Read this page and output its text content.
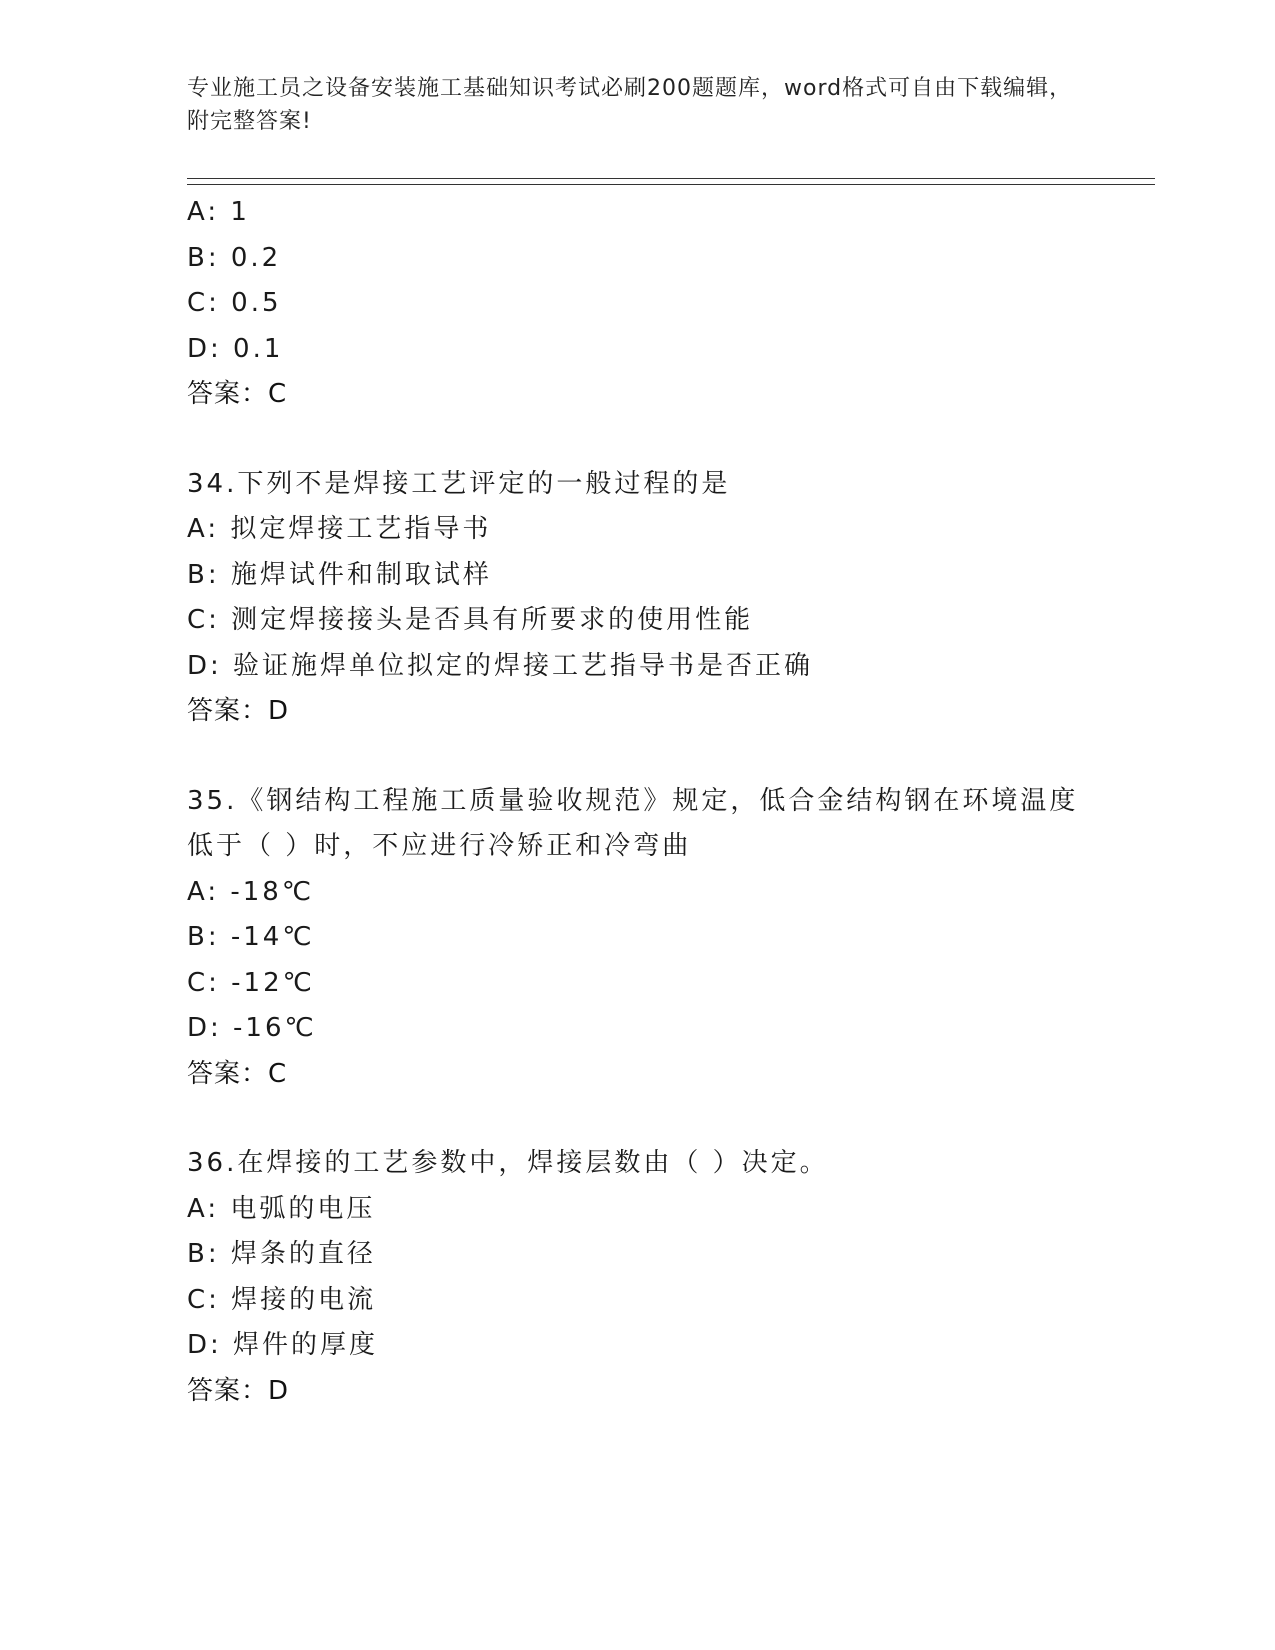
专业施工员之设备安装施工基础知识考试必刷200题题库，word格式可自由下载编辑，附完整答案!
A: 1
B: 0.2
C: 0.5
D: 0.1
答案：C
34.下列不是焊接工艺评定的一般过程的是
A: 拟定焊接工艺指导书
B: 施焊试件和制取试样
C: 测定焊接接头是否具有所要求的使用性能
D: 验证施焊单位拟定的焊接工艺指导书是否正确
答案：D
35.《钢结构工程施工质量验收规范》规定，低合金结构钢在环境温度
低于（ ）时，不应进行冷矫正和冷弯曲
A: -18℃
B: -14℃
C: -12℃
D: -16℃
答案：C
36.在焊接的工艺参数中，焊接层数由（ ）决定。
A: 电弧的电压
B: 焊条的直径
C: 焊接的电流
D: 焊件的厚度
答案：D
